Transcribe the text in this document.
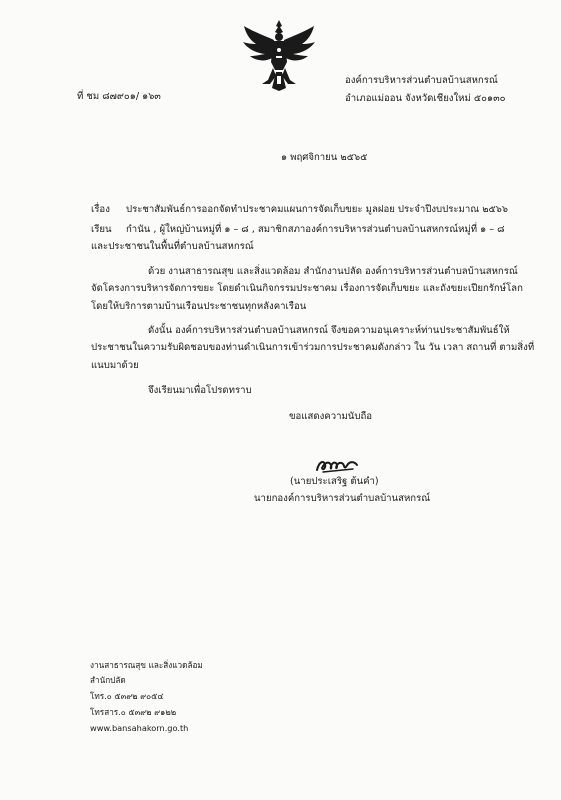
ที่ ชม ๘๗๙๐๑/ ๑๖๓
องค์การบริหารส่วนตำบลบ้านสหกรณ์
อำเภอแม่ออน จังหวัดเชียงใหม่ ๕๐๑๓๐
๑ พฤศจิกายน ๒๕๖๕
เรื่อง ประชาสัมพันธ์การออกจัดทำประชาคมแผนการจัดเก็บขยะ มูลฝอย ประจำปีงบประมาณ ๒๕๖๖
เรียน กำนัน , ผู้ใหญ่บ้านหมู่ที่ ๑ – ๘ , สมาชิกสภาองค์การบริหารส่วนตำบลบ้านสหกรณ์หมู่ที่ ๑ – ๘
และประชาชนในพื้นที่ตำบลบ้านสหกรณ์
ด้วย งานสาธารณสุข และสิ่งแวดล้อม สำนักงานปลัด องค์การบริหารส่วนตำบลบ้านสหกรณ์
จัดโครงการบริหารจัดการขยะ โดยดำเนินกิจกรรมประชาคม เรื่องการจัดเก็บขยะ และถังขยะเปียกรักษ์โลก
โดยให้บริการตามบ้านเรือนประชาชนทุกหลังคาเรือน
ดังนั้น องค์การบริหารส่วนตำบลบ้านสหกรณ์ จึงขอความอนุเคราะห์ท่านประชาสัมพันธ์ให้
ประชาชนในความรับผิดชอบของท่านดำเนินการเข้าร่วมการประชาคมดังกล่าว ใน วัน เวลา สถานที่ ตามสิ่งที่
แนบมาด้วย
จึงเรียนมาเพื่อโปรดทราบ
ขอแสดงความนับถือ
(นายประเสริฐ ต้นคำ)
นายกองค์การบริหารส่วนตำบลบ้านสหกรณ์
งานสาธารณสุข และสิ่งแวดล้อม
สำนักปลัด
โทร.๐ ๕๓๙๒ ๙๐๕๔
โทรสาร.๐ ๕๓๙๒ ๙๑๒๒
www.bansahakorn.go.th
